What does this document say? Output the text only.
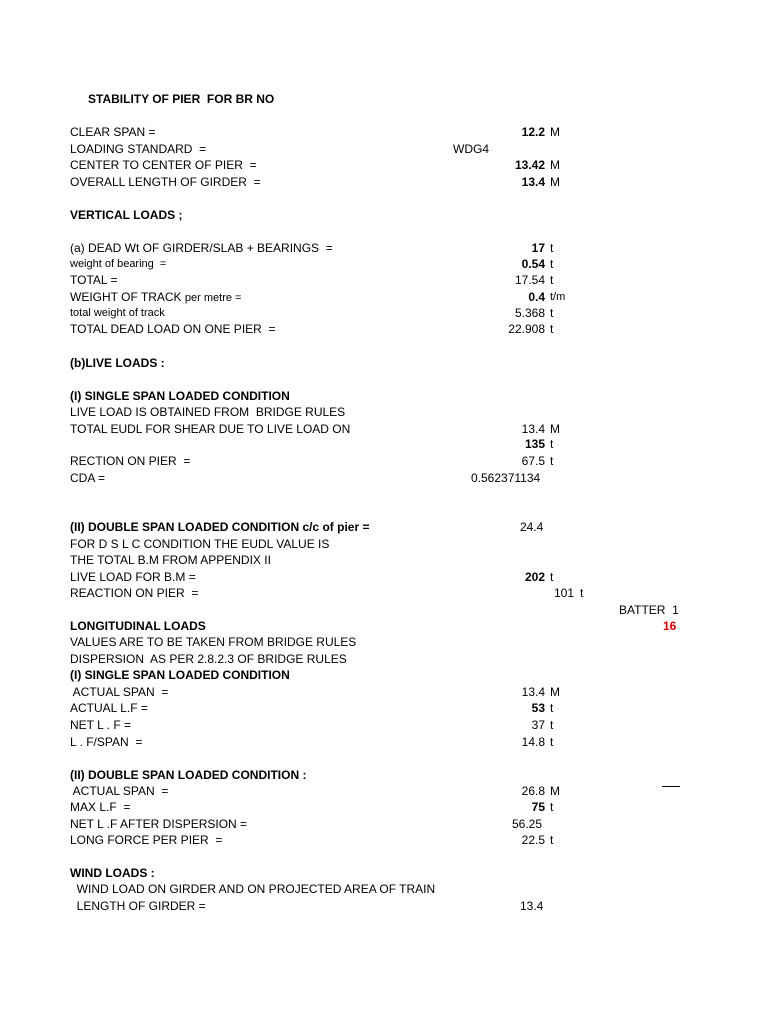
STABILITY OF PIER  FOR BR NO
CLEAR SPAN =	12.2 M
LOADING STANDARD  =	WDG4
CENTER TO CENTER OF PIER  =	13.42 M
OVERALL LENGTH OF GIRDER  =	13.4 M
VERTICAL LOADS ;
(a) DEAD Wt OF GIRDER/SLAB + BEARINGS  =	17 t
weight of bearing  =	0.54 t
TOTAL =	17.54 t
WEIGHT OF TRACK per metre =	0.4 t/m
total weight of track	5.368 t
TOTAL DEAD LOAD ON ONE PIER  =	22.908 t
(b)LIVE LOADS :
(I) SINGLE SPAN LOADED CONDITION
LIVE LOAD IS OBTAINED FROM  BRIDGE RULES
TOTAL EUDL FOR SHEAR DUE TO LIVE LOAD ON	13.4 M
135 t
RECTION ON PIER  =	67.5 t
CDA =	0.562371134
(II) DOUBLE SPAN LOADED CONDITION c/c of pier =	24.4
FOR D S L C CONDITION THE EUDL VALUE IS
THE TOTAL B.M FROM APPENDIX II
LIVE LOAD FOR B.M =	202 t
REACTION ON PIER  =	101 t
BATTER  1
16
LONGITUDINAL LOADS
VALUES ARE TO BE TAKEN FROM BRIDGE RULES
DISPERSION  AS PER 2.8.2.3 OF BRIDGE RULES
(I) SINGLE SPAN LOADED CONDITION
ACTUAL SPAN  =	13.4 M
ACTUAL L.F =	53 t
NET L . F =	37 t
L . F/SPAN  =	14.8 t
(II) DOUBLE SPAN LOADED CONDITION :
ACTUAL SPAN  =	26.8 M
MAX L.F  =	75 t
NET L .F AFTER DISPERSION =	56.25
LONG FORCE PER PIER  =	22.5 t
WIND LOADS :
WIND LOAD ON GIRDER AND ON PROJECTED AREA OF TRAIN
LENGTH OF GIRDER =	13.4
